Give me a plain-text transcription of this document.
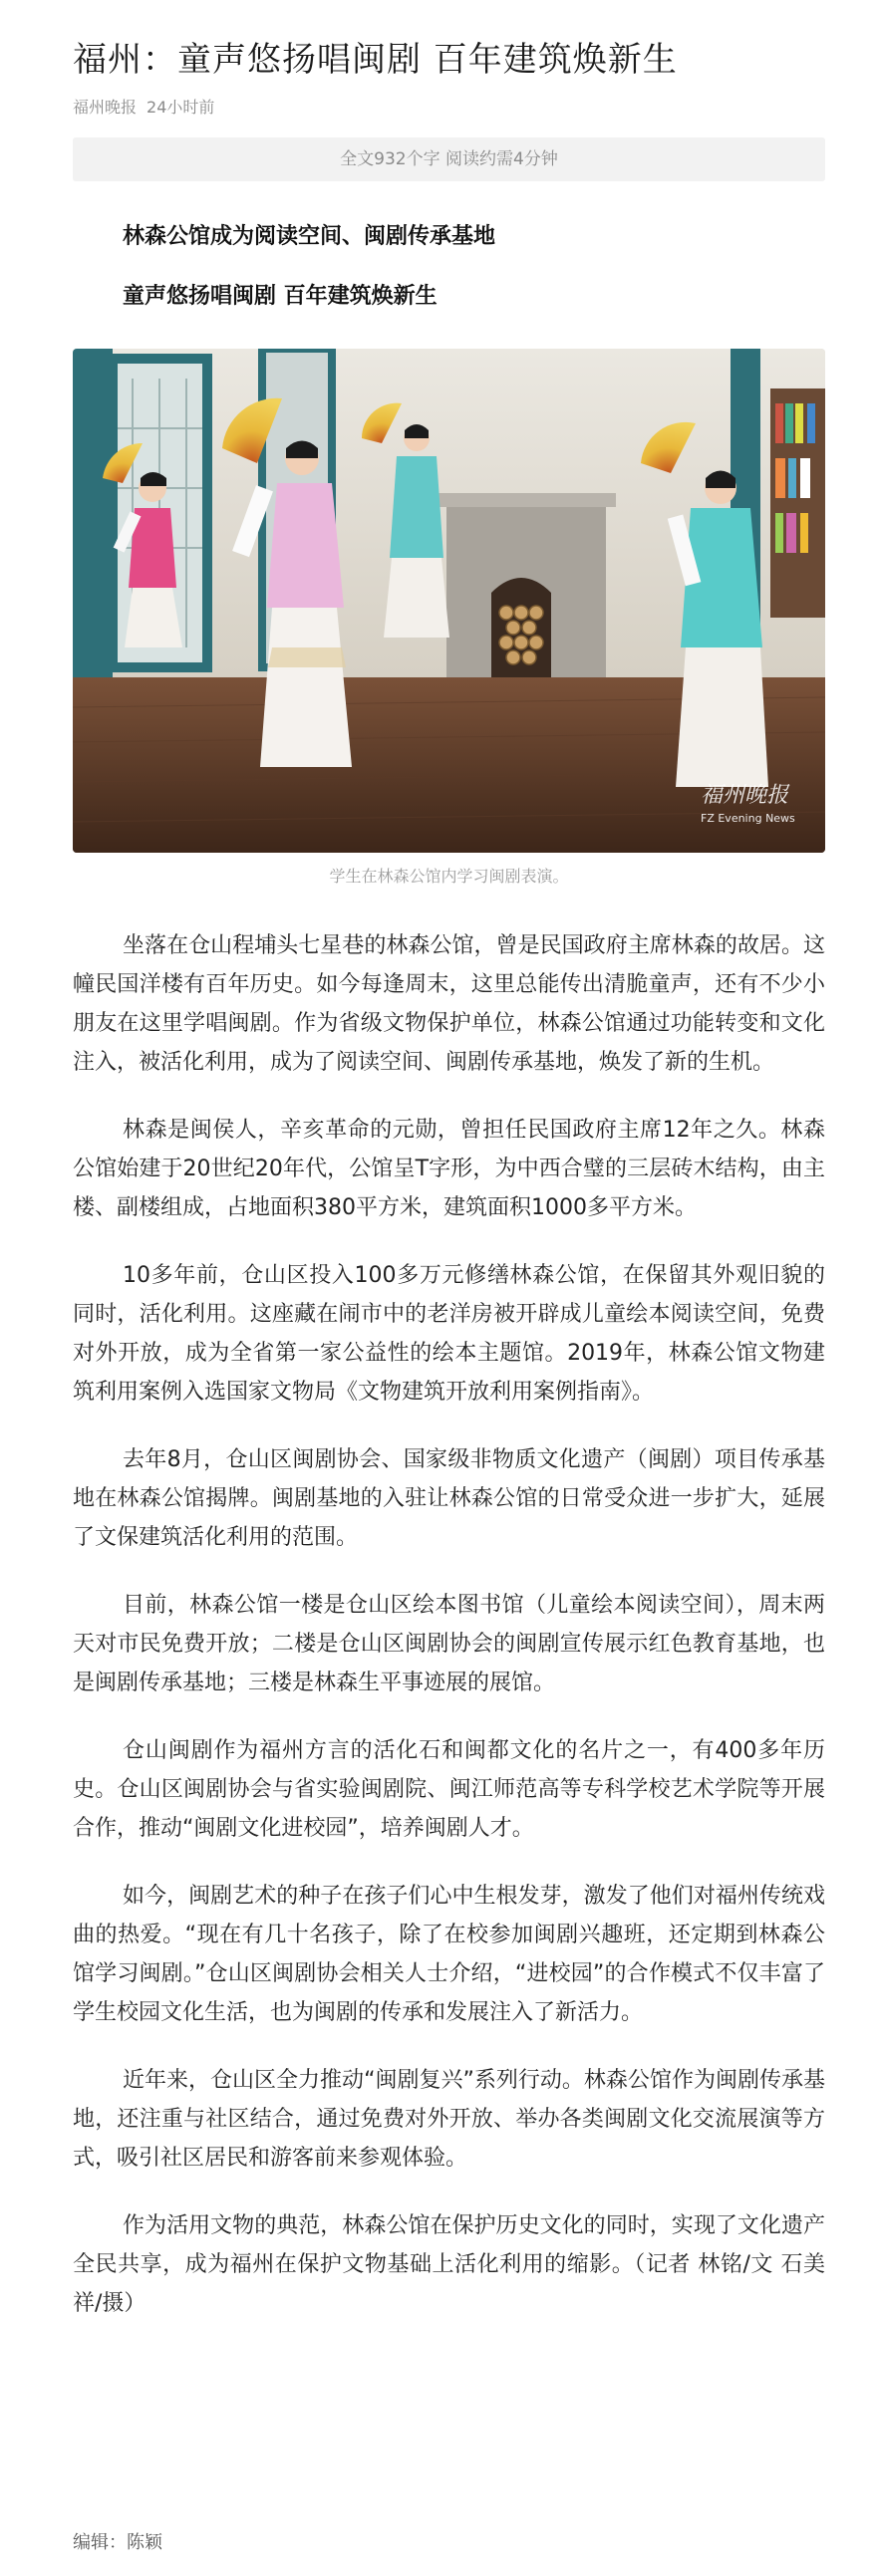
福州：童声悠扬唱闽剧 百年建筑焕新生
福州晚报 24小时前
全文932个字 阅读约需4分钟

林森公馆成为阅读空间、闽剧传承基地

童声悠扬唱闽剧 百年建筑焕新生

福州晚报
FZ Evening News
学生在林森公馆内学习闽剧表演。

坐落在仓山程埔头七星巷的林森公馆，曾是民国政府主席林森的故居。这幢民国洋楼有百年历史。如今每逢周末，这里总能传出清脆童声，还有不少小朋友在这里学唱闽剧。作为省级文物保护单位，林森公馆通过功能转变和文化注入，被活化利用，成为了阅读空间、闽剧传承基地，焕发了新的生机。

林森是闽侯人，辛亥革命的元勋，曾担任民国政府主席12年之久。林森公馆始建于20世纪20年代，公馆呈T字形，为中西合璧的三层砖木结构，由主楼、副楼组成，占地面积380平方米，建筑面积1000多平方米。

10多年前，仓山区投入100多万元修缮林森公馆，在保留其外观旧貌的同时，活化利用。这座藏在闹市中的老洋房被开辟成儿童绘本阅读空间，免费对外开放，成为全省第一家公益性的绘本主题馆。2019年，林森公馆文物建筑利用案例入选国家文物局《文物建筑开放利用案例指南》。

去年8月，仓山区闽剧协会、国家级非物质文化遗产（闽剧）项目传承基地在林森公馆揭牌。闽剧基地的入驻让林森公馆的日常受众进一步扩大，延展了文保建筑活化利用的范围。

目前，林森公馆一楼是仓山区绘本图书馆（儿童绘本阅读空间），周末两天对市民免费开放；二楼是仓山区闽剧协会的闽剧宣传展示红色教育基地，也是闽剧传承基地；三楼是林森生平事迹展的展馆。

仓山闽剧作为福州方言的活化石和闽都文化的名片之一，有400多年历史。仓山区闽剧协会与省实验闽剧院、闽江师范高等专科学校艺术学院等开展合作，推动“闽剧文化进校园”，培养闽剧人才。

如今，闽剧艺术的种子在孩子们心中生根发芽，激发了他们对福州传统戏曲的热爱。“现在有几十名孩子，除了在校参加闽剧兴趣班，还定期到林森公馆学习闽剧。”仓山区闽剧协会相关人士介绍，“进校园”的合作模式不仅丰富了学生校园文化生活，也为闽剧的传承和发展注入了新活力。

近年来，仓山区全力推动“闽剧复兴”系列行动。林森公馆作为闽剧传承基地，还注重与社区结合，通过免费对外开放、举办各类闽剧文化交流展演等方式，吸引社区居民和游客前来参观体验。

作为活用文物的典范，林森公馆在保护历史文化的同时，实现了文化遗产全民共享，成为福州在保护文物基础上活化利用的缩影。（记者 林铭/文 石美祥/摄）

编辑：陈颖
